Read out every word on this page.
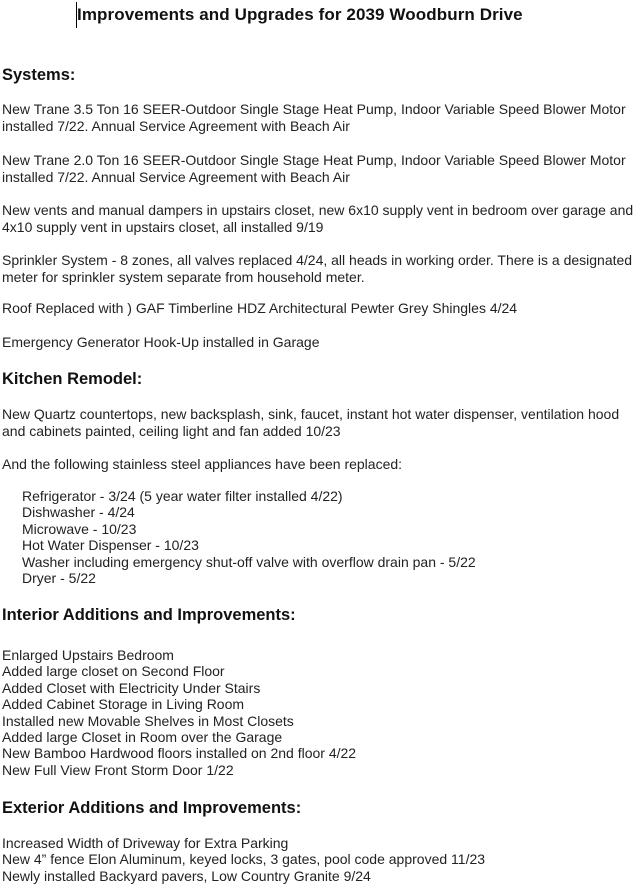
Improvements and Upgrades for 2039 Woodburn Drive
Systems:

New Trane 3.5 Ton 16 SEER-Outdoor Single Stage Heat Pump, Indoor Variable Speed Blower Motor installed 7/22. Annual Service Agreement with Beach Air

New Trane 2.0 Ton 16 SEER-Outdoor Single Stage Heat Pump, Indoor Variable Speed Blower Motor installed 7/22. Annual Service Agreement with Beach Air

New vents and manual dampers in upstairs closet, new 6x10 supply vent in bedroom over garage and 4x10 supply vent in upstairs closet, all installed 9/19

Sprinkler System - 8 zones, all valves replaced 4/24, all heads in working order. There is a designated meter for sprinkler system separate from household meter.

Roof Replaced with ) GAF Timberline HDZ Architectural Pewter Grey Shingles 4/24

Emergency Generator Hook-Up installed in Garage

Kitchen Remodel:

New Quartz countertops, new backsplash, sink, faucet, instant hot water dispenser, ventilation hood and cabinets painted, ceiling light and fan added 10/23

And the following stainless steel appliances have been replaced:

Refrigerator - 3/24 (5 year water filter installed 4/22)
Dishwasher - 4/24
Microwave - 10/23
Hot Water Dispenser - 10/23
Washer including emergency shut-off valve with overflow drain pan - 5/22
Dryer - 5/22
Interior Additions and Improvements:
Enlarged Upstairs Bedroom
Added large closet on Second Floor
Added Closet with Electricity Under Stairs
Added Cabinet Storage in Living Room
Installed new Movable Shelves in Most Closets
Added large Closet in Room over the Garage
New Bamboo Hardwood floors installed on 2nd floor 4/22
New Full View Front Storm Door 1/22
Exterior Additions and Improvements:
Increased Width of Driveway for Extra Parking
New 4” fence Elon Aluminum, keyed locks, 3 gates, pool code approved 11/23
Newly installed Backyard pavers, Low Country Granite 9/24
